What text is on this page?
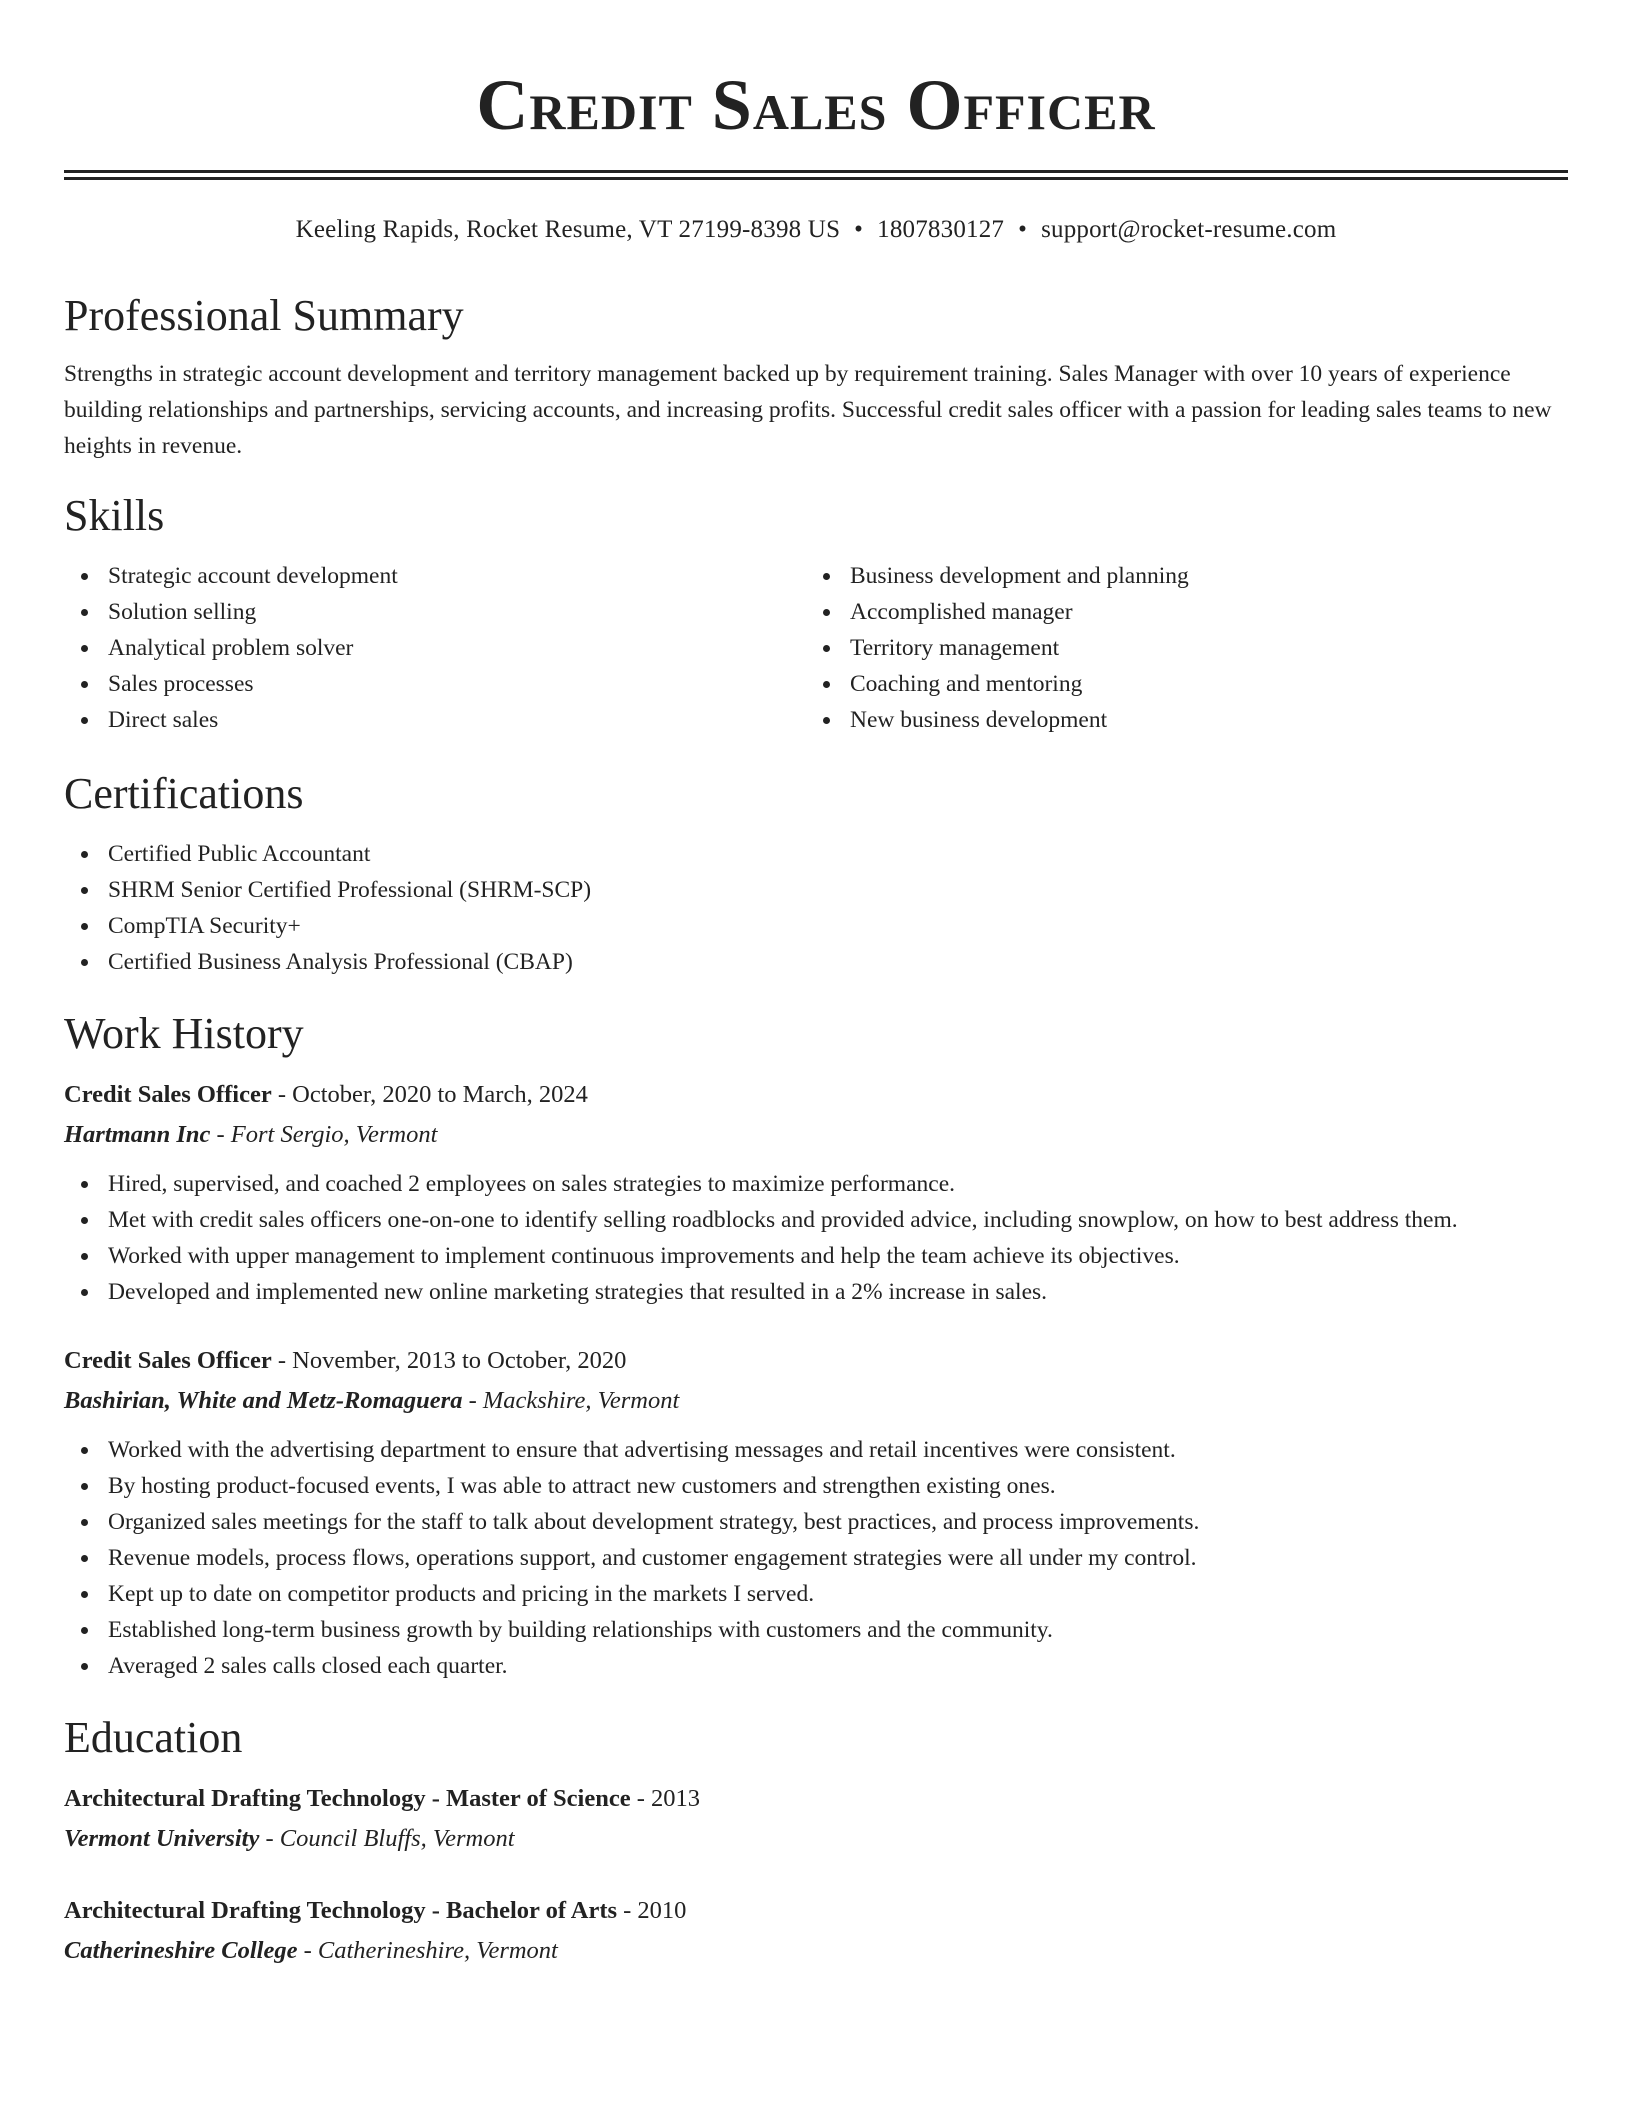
Credit Sales Officer
Keeling Rapids, Rocket Resume, VT 27199-8398 US • 1807830127 • support@rocket-resume.com
Professional Summary
Strengths in strategic account development and territory management backed up by requirement training. Sales Manager with over 10 years of experience building relationships and partnerships, servicing accounts, and increasing profits. Successful credit sales officer with a passion for leading sales teams to new heights in revenue.
Skills
Strategic account development
Solution selling
Analytical problem solver
Sales processes
Direct sales
Business development and planning
Accomplished manager
Territory management
Coaching and mentoring
New business development
Certifications
Certified Public Accountant
SHRM Senior Certified Professional (SHRM-SCP)
CompTIA Security+
Certified Business Analysis Professional (CBAP)
Work History
Credit Sales Officer - October, 2020 to March, 2024
Hartmann Inc - Fort Sergio, Vermont
Hired, supervised, and coached 2 employees on sales strategies to maximize performance.
Met with credit sales officers one-on-one to identify selling roadblocks and provided advice, including snowplow, on how to best address them.
Worked with upper management to implement continuous improvements and help the team achieve its objectives.
Developed and implemented new online marketing strategies that resulted in a 2% increase in sales.
Credit Sales Officer - November, 2013 to October, 2020
Bashirian, White and Metz-Romaguera - Mackshire, Vermont
Worked with the advertising department to ensure that advertising messages and retail incentives were consistent.
By hosting product-focused events, I was able to attract new customers and strengthen existing ones.
Organized sales meetings for the staff to talk about development strategy, best practices, and process improvements.
Revenue models, process flows, operations support, and customer engagement strategies were all under my control.
Kept up to date on competitor products and pricing in the markets I served.
Established long-term business growth by building relationships with customers and the community.
Averaged 2 sales calls closed each quarter.
Education
Architectural Drafting Technology - Master of Science - 2013
Vermont University - Council Bluffs, Vermont
Architectural Drafting Technology - Bachelor of Arts - 2010
Catherineshire College - Catherineshire, Vermont
